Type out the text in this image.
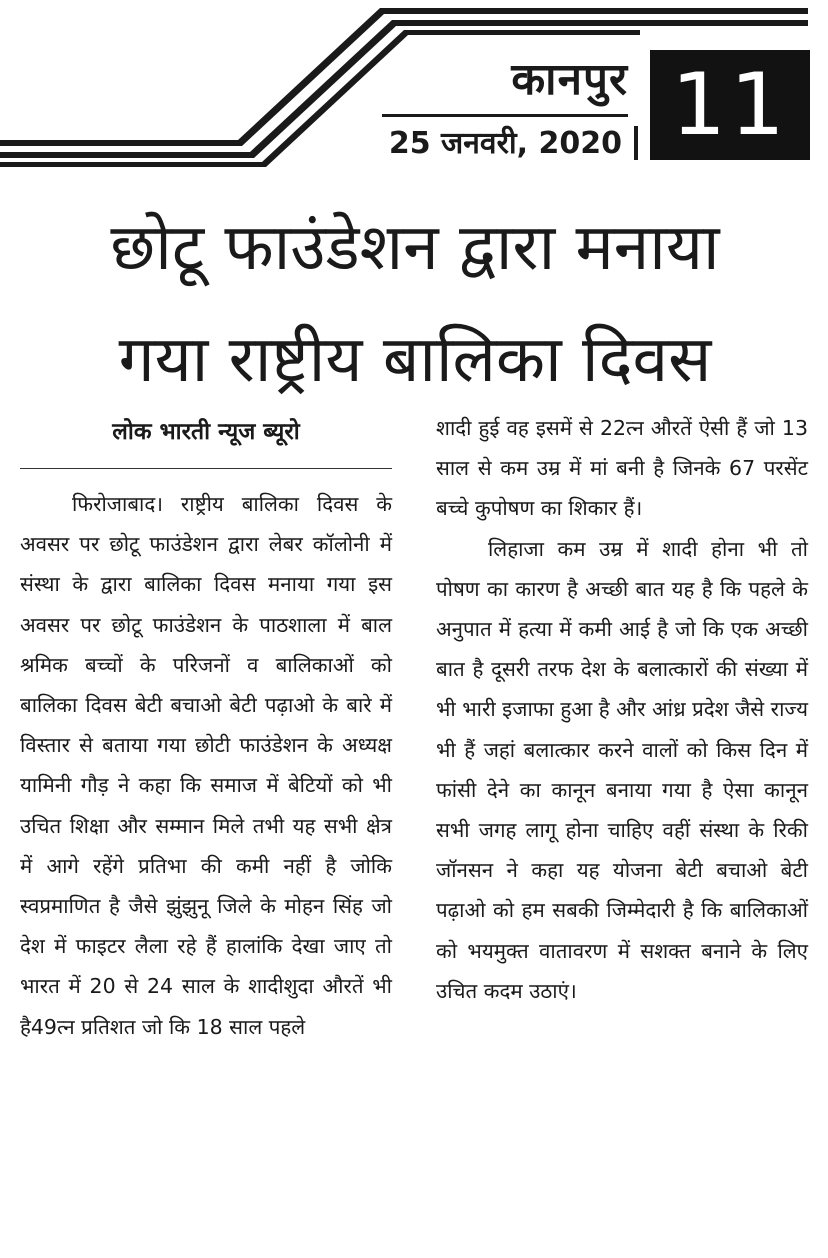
कानपुर
25 जनवरी, 2020 11
छोटू फाउंडेशन द्वारा मनाया
गया राष्ट्रीय बालिका दिवस
लोक भारती न्यूज ब्यूरो

फिरोजाबाद। राष्ट्रीय बालिका दिवस के अवसर पर छोटू फाउंडेशन द्वारा लेबर कॉलोनी में संस्था के द्वारा बालिका दिवस मनाया गया इस अवसर पर छोटू फाउंडेशन के पाठशाला में बाल श्रमिक बच्चों के परिजनों व बालिकाओं को बालिका दिवस बेटी बचाओ बेटी पढ़ाओ के बारे में विस्तार से बताया गया छोटी फाउंडेशन के अध्यक्ष यामिनी गौड़ ने कहा कि समाज में बेटियों को भी उचित शिक्षा और सम्मान मिले तभी यह सभी क्षेत्र में आगे रहेंगे प्रतिभा की कमी नहीं है जोकि स्वप्रमाणित है जैसे झुंझुनू जिले के मोहन सिंह जो देश में फाइटर लैला रहे हैं हालांकि देखा जाए तो भारत में 20 से 24 साल के शादीशुदा औरतें भी है49त्न प्रतिशत जो कि 18 साल पहले

शादी हुई वह इसमें से 22त्न औरतें ऐसी हैं जो 13 साल से कम उम्र में मां बनी है जिनके 67 परसेंट बच्चे कुपोषण का शिकार हैं।

लिहाजा कम उम्र में शादी होना भी तो पोषण का कारण है अच्छी बात यह है कि पहले के अनुपात में हत्या में कमी आई है जो कि एक अच्छी बात है दूसरी तरफ देश के बलात्कारों की संख्या में भी भारी इजाफा हुआ है और आंध्र प्रदेश जैसे राज्य भी हैं जहां बलात्कार करने वालों को किस दिन में फांसी देने का कानून बनाया गया है ऐसा कानून सभी जगह लागू होना चाहिए वहीं संस्था के रिकी जॉनसन ने कहा यह योजना बेटी बचाओ बेटी पढ़ाओ को हम सबकी जिम्मेदारी है कि बालिकाओं को भयमुक्त वातावरण में सशक्त बनाने के लिए उचित कदम उठाएं।
